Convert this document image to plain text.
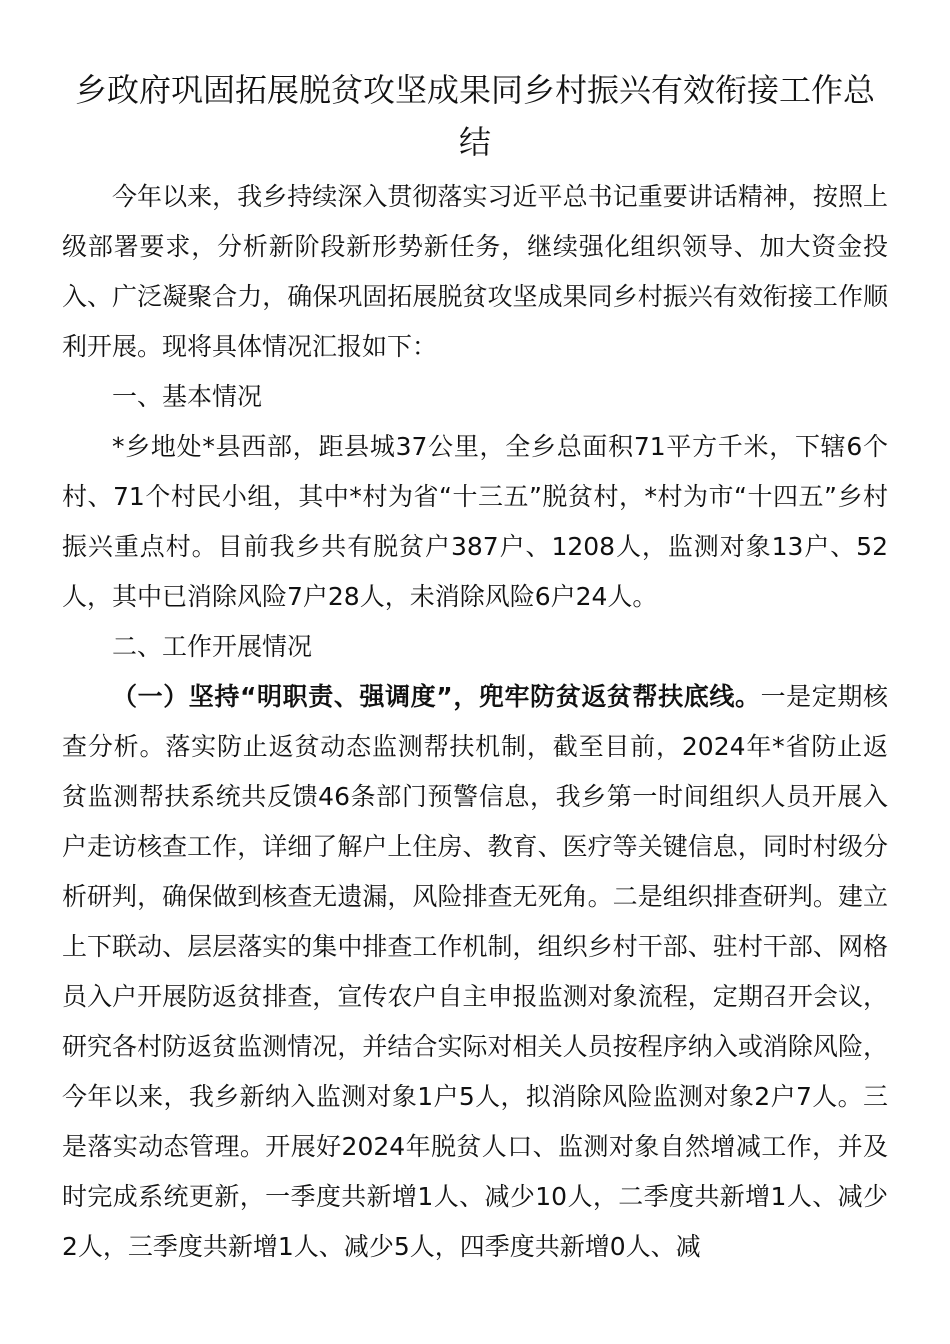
乡政府巩固拓展脱贫攻坚成果同乡村振兴有效衔接工作总结

今年以来，我乡持续深入贯彻落实习近平总书记重要讲话精神，按照上级部署要求，分析新阶段新形势新任务，继续强化组织领导、加大资金投入、广泛凝聚合力，确保巩固拓展脱贫攻坚成果同乡村振兴有效衔接工作顺利开展。现将具体情况汇报如下：

一、基本情况

*乡地处*县西部，距县城37公里，全乡总面积71平方千米，下辖6个村、71个村民小组，其中*村为省“十三五”脱贫村，*村为市“十四五”乡村振兴重点村。目前我乡共有脱贫户387户、1208人，监测对象13户、52人，其中已消除风险7户28人，未消除风险6户24人。

二、工作开展情况

（一）坚持“明职责、强调度”，兜牢防贫返贫帮扶底线。一是定期核查分析。落实防止返贫动态监测帮扶机制，截至目前，2024年*省防止返贫监测帮扶系统共反馈46条部门预警信息，我乡第一时间组织人员开展入户走访核查工作，详细了解户上住房、教育、医疗等关键信息，同时村级分析研判，确保做到核查无遗漏，风险排查无死角。二是组织排查研判。建立上下联动、层层落实的集中排查工作机制，组织乡村干部、驻村干部、网格员入户开展防返贫排查，宣传农户自主申报监测对象流程，定期召开会议，研究各村防返贫监测情况，并结合实际对相关人员按程序纳入或消除风险，今年以来，我乡新纳入监测对象1户5人，拟消除风险监测对象2户7人。三是落实动态管理。开展好2024年脱贫人口、监测对象自然增减工作，并及时完成系统更新，一季度共新增1人、减少10人，二季度共新增1人、减少2人，三季度共新增1人、减少5人，四季度共新增0人、减
